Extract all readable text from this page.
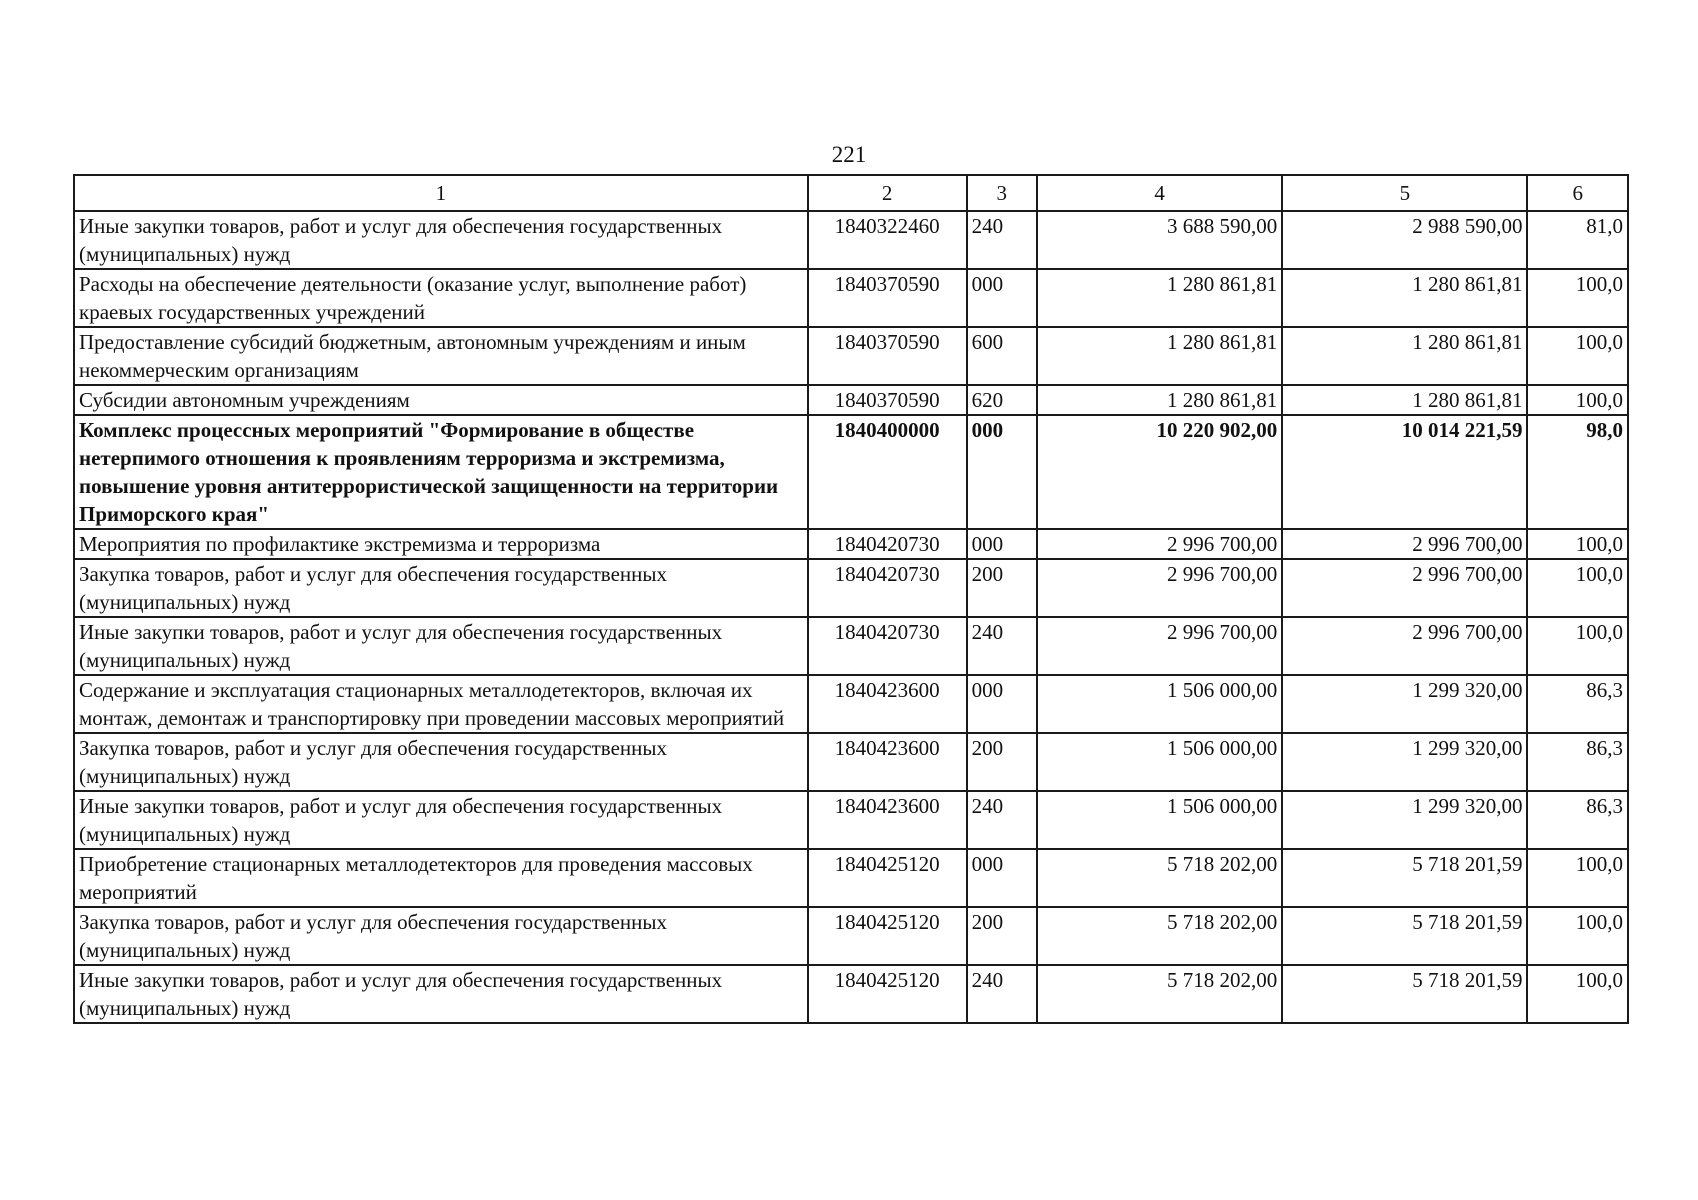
221
1	2	3	4	5	6
Иные закупки товаров, работ и услуг для обеспечения государственных (муниципальных) нужд	1840322460	240	3 688 590,00	2 988 590,00	81,0
Расходы на обеспечение деятельности (оказание услуг, выполнение работ) краевых государственных учреждений	1840370590	000	1 280 861,81	1 280 861,81	100,0
Предоставление субсидий бюджетным, автономным учреждениям и иным некоммерческим организациям	1840370590	600	1 280 861,81	1 280 861,81	100,0
Субсидии автономным учреждениям	1840370590	620	1 280 861,81	1 280 861,81	100,0
Комплекс процессных мероприятий "Формирование в обществе нетерпимого отношения к проявлениям терроризма и экстремизма, повышение уровня антитеррористической защищенности на территории Приморского края"	1840400000	000	10 220 902,00	10 014 221,59	98,0
Мероприятия по профилактике экстремизма и терроризма	1840420730	000	2 996 700,00	2 996 700,00	100,0
Закупка товаров, работ и услуг для обеспечения государственных (муниципальных) нужд	1840420730	200	2 996 700,00	2 996 700,00	100,0
Иные закупки товаров, работ и услуг для обеспечения государственных (муниципальных) нужд	1840420730	240	2 996 700,00	2 996 700,00	100,0
Содержание и эксплуатация стационарных металлодетекторов, включая их монтаж, демонтаж и транспортировку при проведении массовых мероприятий	1840423600	000	1 506 000,00	1 299 320,00	86,3
Закупка товаров, работ и услуг для обеспечения государственных (муниципальных) нужд	1840423600	200	1 506 000,00	1 299 320,00	86,3
Иные закупки товаров, работ и услуг для обеспечения государственных (муниципальных) нужд	1840423600	240	1 506 000,00	1 299 320,00	86,3
Приобретение стационарных металлодетекторов для проведения массовых мероприятий	1840425120	000	5 718 202,00	5 718 201,59	100,0
Закупка товаров, работ и услуг для обеспечения государственных (муниципальных) нужд	1840425120	200	5 718 202,00	5 718 201,59	100,0
Иные закупки товаров, работ и услуг для обеспечения государственных (муниципальных) нужд	1840425120	240	5 718 202,00	5 718 201,59	100,0
